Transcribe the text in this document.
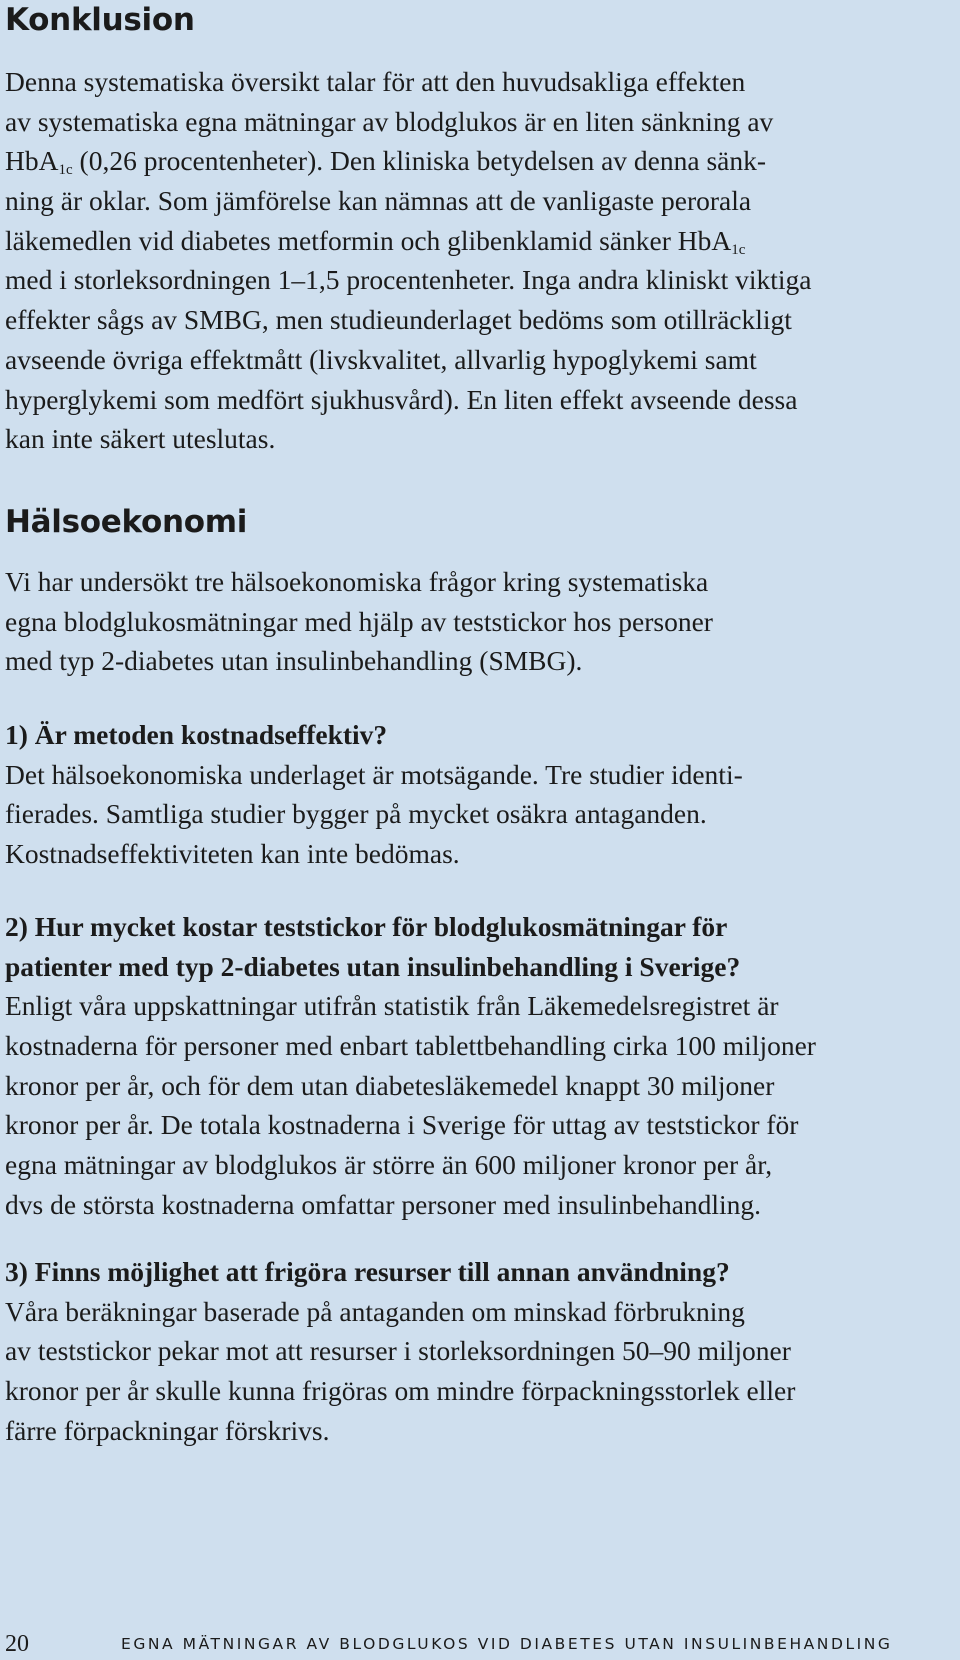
Konklusion
Denna systematiska översikt talar för att den huvudsakliga effekten
av systematiska egna mätningar av blodglukos är en liten sänkning av
HbA$_{1c}$ (0,26 procentenheter). Den kliniska betydelsen av denna sänk-
ning är oklar. Som jämförelse kan nämnas att de vanligaste perorala
läkemedlen vid diabetes metformin och glibenklamid sänker HbA$_{1c}$
med i storleksordningen 1–1,5 procentenheter. Inga andra kliniskt viktiga
effekter sågs av SMBG, men studieunderlaget bedöms som otillräckligt
avseende övriga effektmått (livskvalitet, allvarlig hypoglykemi samt
hyperglykemi som medfört sjukhusvård). En liten effekt avseende dessa
kan inte säkert uteslutas.
Hälsoekonomi
Vi har undersökt tre hälsoekonomiska frågor kring systematiska
egna blodglukosmätningar med hjälp av teststickor hos personer
med typ 2-diabetes utan insulinbehandling (SMBG).
1) Är metoden kostnadseffektiv?
Det hälsoekonomiska underlaget är motsägande. Tre studier identi-
fierades. Samtliga studier bygger på mycket osäkra antaganden.
Kostnadseffektiviteten kan inte bedömas.
2) Hur mycket kostar teststickor för blodglukosmätningar för
patienter med typ 2-diabetes utan insulinbehandling i Sverige?
Enligt våra uppskattningar utifrån statistik från Läkemedelsregistret är
kostnaderna för personer med enbart tablettbehandling cirka 100 miljoner
kronor per år, och för dem utan diabetesläkemedel knappt 30 miljoner
kronor per år. De totala kostnaderna i Sverige för uttag av teststickor för
egna mätningar av blodglukos är större än 600 miljoner kronor per år,
dvs de största kostnaderna omfattar personer med insulinbehandling.
3) Finns möjlighet att frigöra resurser till annan användning?
Våra beräkningar baserade på antaganden om minskad förbrukning
av teststickor pekar mot att resurser i storleksordningen 50–90 miljoner
kronor per år skulle kunna frigöras om mindre förpackningsstorlek eller
färre förpackningar förskrivs.
20	EGNA MÄTNINGAR AV BLODGLUKOS VID DIABETES UTAN INSULINBEHANDLING
